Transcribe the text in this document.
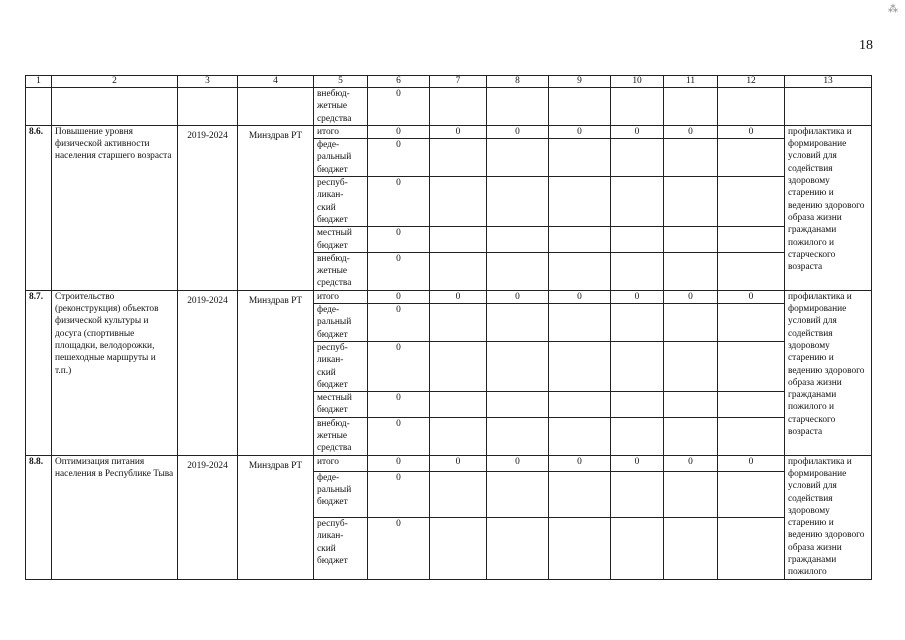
18
⁂
1	2	3	4	5	6	7	8	9	10	11	12	13
				внебюд-
жетные
средства	0							
8.6.	Повышение уровня физической активности населения старшего возраста	2019-2024	Минздрав РТ	итого	0	0	0	0	0	0	0	профилактика и формирование условий для содействия здоровому старению и ведению здорового образа жизни гражданами пожилого и старческого возраста
				феде-
ральный
бюджет	0							
				респуб-
ликан-
ский
бюджет	0							
				местный
бюджет	0							
				внебюд-
жетные
средства	0							
8.7.	Строительство (реконструкция) объектов физической культуры и досуга (спортивные площадки, велодорожки, пешеходные маршруты и т.п.)	2019-2024	Минздрав РТ	итого	0	0	0	0	0	0	0	профилактика и формирование условий для содействия здоровому старению и ведению здорового образа жизни гражданами пожилого и старческого возраста
				феде-
ральный
бюджет	0							
				респуб-
ликан-
ский
бюджет	0							
				местный
бюджет	0							
				внебюд-
жетные
средства	0							
8.8.	Оптимизация питания населения в Республике Тыва	2019-2024	Минздрав РТ	итого	0	0	0	0	0	0	0	профилактика и формирование условий для содействия здоровому старению и ведению здорового образа жизни гражданами пожилого
				феде-
ральный
бюджет	0							
				респуб-
ликан-
ский
бюджет	0							
